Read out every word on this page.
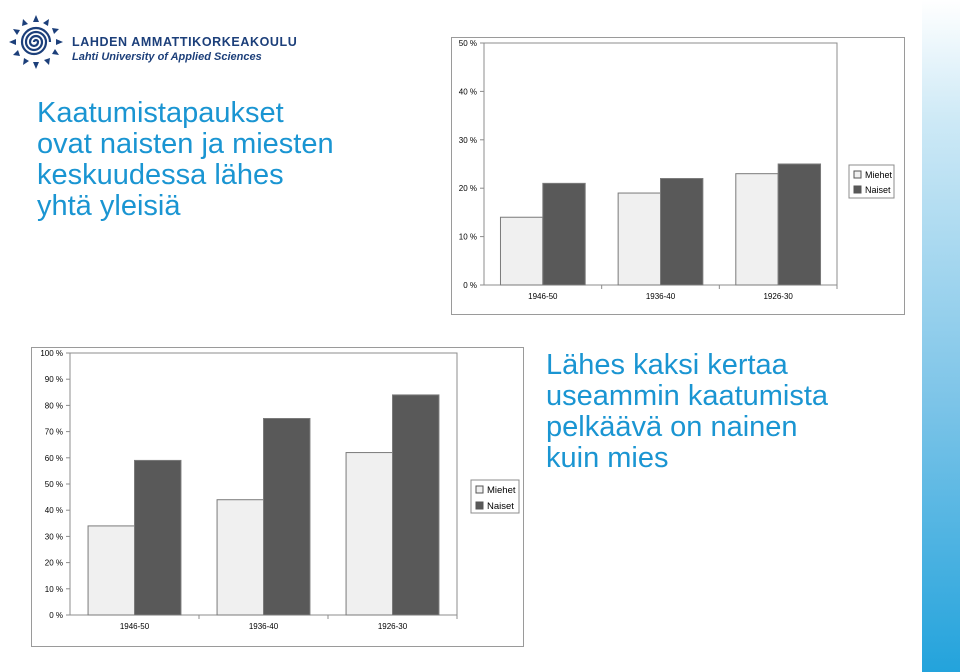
LAHDEN AMMATTIKORKEAKOULU
Lahti University of Applied Sciences
Kaatumistapaukset
ovat naisten ja miesten
keskuudessa lähes
yhtä yleisiä
Lähes kaksi kertaa
useammin kaatumista
pelkäävä on nainen
kuin mies
0 %
10 %
20 %
30 %
40 %
50 %
1946-50	1936-40	1926-30
Miehet
Naiset
0 %
10 %
20 %
30 %
40 %
50 %
60 %
70 %
80 %
90 %
100 %
1946-50	1936-40	1926-30
Miehet
Naiset
